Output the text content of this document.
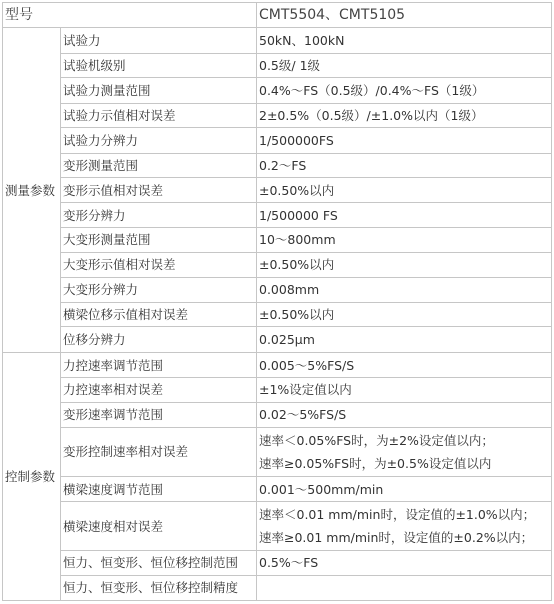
型号		CMT5504、CMT5105
测量参数	试验力	50kN、100kN

	试验机级别	0.5级/ 1级

	试验力测量范围	0.4%～FS（0.5级）/0.4%～FS（1级）

	试验力示值相对误差	2±0.5%（0.5级）/±1.0%以内（1级）

	试验力分辨力	1/500000FS

	变形测量范围	0.2～FS

	变形示值相对误差	±0.50%以内

	变形分辨力	1/500000 FS

	大变形测量范围	10～800mm

	大变形示值相对误差	±0.50%以内

	大变形分辨力	0.008mm

	横梁位移示值相对误差	±0.50%以内

	位移分辨力	0.025μm

控制参数	力控速率调节范围	0.005～5%FS/S

	力控速率相对误差	±1%设定值以内

	变形速率调节范围	0.02～5%FS/S

	变形控制速率相对误差	速率＜0.05%FS时，为±2%设定值以内；
速率≥0.05%FS时，为±0.5%设定值以内

	横梁速度调节范围	0.001～500mm/min

	横梁速度相对误差	速率＜0.01 mm/min时，设定值的±1.0%以内；
速率≥0.01 mm/min时，设定值的±0.2%以内；

	恒力、恒变形、恒位移控制范围	0.5%～FS

	恒力、恒变形、恒位移控制精度	
